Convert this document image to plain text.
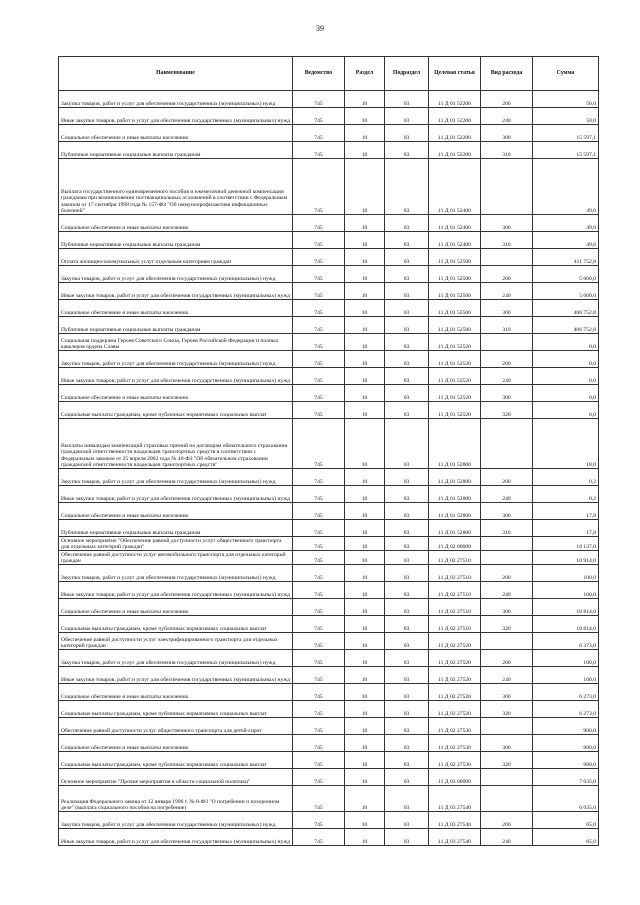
39
Наименование	Ведомство	Раздел	Подраздел	Целевая статья	Вид расхода	Сумма
Закупка товаров, работ и услуг для обеспечения государственных (муниципальных) нужд	745	10	03	11 Д 01 52200	200	50,0
Иные закупки товаров, работ и услуг для обеспечения государственных (муниципальных) нужд	745	10	03	11 Д 01 52200	240	50,0
Социальное обеспечение и иные выплаты населению	745	10	03	11 Д 01 52200	300	15 597,1
Публичные нормативные социальные выплаты гражданам	745	10	03	11 Д 01 52200	310	15 597,1
Выплата государственного единовременного пособия и ежемесячной денежной компенсации гражданам при возникновении поствакцинальных осложнений в соответствии с Федеральным законом от 17 сентября 1998 года № 157-ФЗ "Об иммунопрофилактике инфекционных болезней"	745	10	03	11 Д 01 52400		49,6
Социальное обеспечение и иные выплаты населению	745	10	03	11 Д 01 52400	300	49,6
Публичные нормативные социальные выплаты гражданам	745	10	03	11 Д 01 52400	310	49,6
Оплата жилищно-коммунальных услуг отдельным категориям граждан	745	10	03	11 Д 01 52500		411 752,8
Закупка товаров, работ и услуг для обеспечения государственных (муниципальных) нужд	745	10	03	11 Д 01 52500	200	5 000,0
Иные закупки товаров, работ и услуг для обеспечения государственных (муниципальных) нужд	745	10	03	11 Д 01 52500	240	5 000,0
Социальное обеспечение и иные выплаты населению	745	10	03	11 Д 01 52500	300	406 752,8
Публичные нормативные социальные выплаты гражданам	745	10	03	11 Д 01 52500	310	406 752,8
Социальная поддержка Героев Советского Союза, Героев Российской Федерации и полных кавалеров ордена Славы	745	10	03	11 Д 01 52520		0,0
Закупка товаров, работ и услуг для обеспечения государственных (муниципальных) нужд	745	10	03	11 Д 01 52520	200	0,0
Иные закупки товаров, работ и услуг для обеспечения государственных (муниципальных) нужд	745	10	03	11 Д 01 52520	240	0,0
Социальное обеспечение и иные выплаты населению	745	10	03	11 Д 01 52520	300	0,0
Социальные выплаты гражданам, кроме публичных нормативных социальных выплат	745	10	03	11 Д 01 52520	320	0,0
Выплаты инвалидам компенсаций страховых премий по договорам обязательного страхования гражданской ответственности владельцев транспортных средств в соответствии с Федеральным законом от 25 апреля 2002 года № 40-ФЗ "Об обязательном страховании гражданской ответственности владельцев транспортных средств"	745	10	03	11 Д 01 52800		18,0
Закупка товаров, работ и услуг для обеспечения государственных (муниципальных) нужд	745	10	03	11 Д 01 52800	200	0,2
Иные закупки товаров, работ и услуг для обеспечения государственных (муниципальных) нужд	745	10	03	11 Д 01 52800	240	0,2
Социальное обеспечение и иные выплаты населению	745	10	03	11 Д 01 52800	300	17,8
Публичные нормативные социальные выплаты гражданам	745	10	03	11 Д 01 52800	310	17,8
Основное мероприятие "Обеспечение равной доступности услуг общественного транспорта для отдельных категорий граждан"	745	10	03	11 Д 02 00000		18 137,0
Обеспечение равной доступности услуг автомобильного транспорта для отдельных категорий граждан	745	10	03	11 Д 02 27510		10 914,0
Закупка товаров, работ и услуг для обеспечения государственных (муниципальных) нужд	745	10	03	11 Д 02 27510	200	100,0
Иные закупки товаров, работ и услуг для обеспечения государственных (муниципальных) нужд	745	10	03	11 Д 02 27510	240	100,0
Социальное обеспечение и иные выплаты населению	745	10	03	11 Д 02 27510	300	10 814,0
Социальные выплаты гражданам, кроме публичных нормативных социальных выплат	745	10	03	11 Д 02 27510	320	10 814,0
Обеспечение равной доступности услуг электрифицированного транспорта для отдельных категорий граждан	745	10	03	11 Д 02 27520		6 373,0
Закупка товаров, работ и услуг для обеспечения государственных (муниципальных) нужд	745	10	03	11 Д 02 27520	200	100,0
Иные закупки товаров, работ и услуг для обеспечения государственных (муниципальных) нужд	745	10	03	11 Д 02 27520	240	100,0
Социальное обеспечение и иные выплаты населению	745	10	03	11 Д 02 27520	300	6 273,0
Социальные выплаты гражданам, кроме публичных нормативных социальных выплат	745	10	03	11 Д 02 27520	320	6 273,0
Обеспечение равной доступности услуг общественного транспорта для детей-сирот	745	10	03	11 Д 02 27530		900,0
Социальное обеспечение и иные выплаты населению	745	10	03	11 Д 02 27530	300	900,0
Социальные выплаты гражданам, кроме публичных нормативных социальных выплат	745	10	03	11 Д 02 27530	320	900,0
Основное мероприятие "Прочие мероприятия в области социальной политики"	745	10	03	11 Д 03 00000		7 035,0
Реализация Федерального закона от 12 января 1996 г. № 8-ФЗ "О погребении и похоронном деле" (выплата социального пособия на погребение)	745	10	03	11 Д 03 27540		6 035,0
Закупка товаров, работ и услуг для обеспечения государственных (муниципальных) нужд	745	10	03	11 Д 03 27540	200	65,0
Иные закупки товаров, работ и услуг для обеспечения государственных (муниципальных) нужд	745	10	03	11 Д 03 27540	240	65,0
